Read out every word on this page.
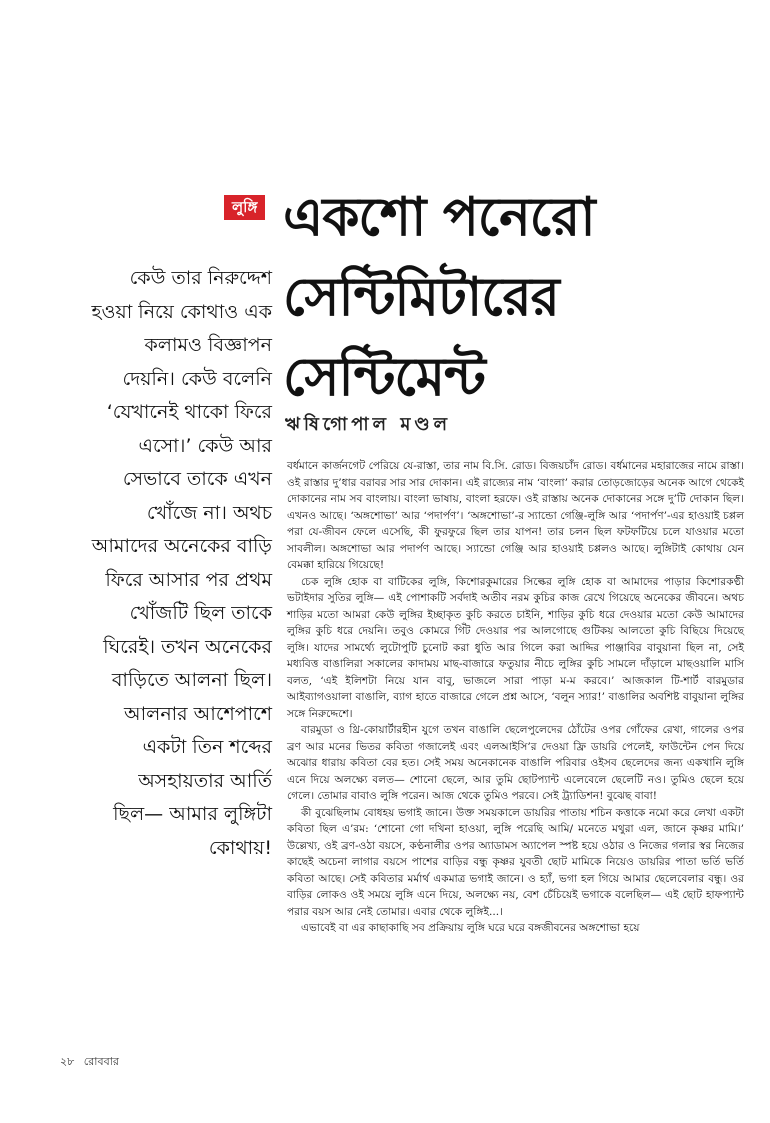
লুঙ্গি একশো পনেরো
সেন্টিমিটারের
সেন্টিমেন্ট
ঋষিগোপাল মণ্ডল
কেউ তার নিরুদ্দেশ
হওয়া নিয়ে কোথাও এক
কলামও বিজ্ঞাপন
দেয়নি। কেউ বলেনি
‘যেখানেই থাকো ফিরে
এসো।’ কেউ আর
সেভাবে তাকে এখন
খোঁজে না। অথচ
আমাদের অনেকের বাড়ি
ফিরে আসার পর প্রথম
খোঁজটি ছিল তাকে
ঘিরেই। তখন অনেকের
বাড়িতে আলনা ছিল।
আলনার আশেপাশে
একটা তিন শব্দের
অসহায়তার আর্তি
ছিল— আমার লুঙ্গিটা
কোথায়!

বর্ধমানে কার্জনগেট পেরিয়ে যে-রাস্তা, তার নাম বি.সি. রোড। বিজয়চাঁদ রোড। বর্ধমানের মহারাজের নামে রাস্তা। ওই রাস্তার দু’ধার বরাবর সার সার দোকান। এই রাজ্যের নাম ‘বাংলা’ করার তোড়জোড়ের অনেক আগে থেকেই দোকানের নাম সব বাংলায়। বাংলা ভাষায়, বাংলা হরফে। ওই রাস্তায় অনেক দোকানের সঙ্গে দু’টি দোকান ছিল। এখনও আছে। ‘অঙ্গশোভা’ আর ‘পদার্পণ’। ‘অঙ্গশোভা’-র স্যান্ডো গেঞ্জি-লুঙ্গি আর ‘পদার্পণ’-এর হাওয়াই চপ্পল পরা যে-জীবন ফেলে এসেছি, কী ফুরফুরে ছিল তার যাপন! তার চলন ছিল ফটফটিয়ে চলে যাওয়ার মতো সাবলীল। অঙ্গশোভা আর পদার্পণ আছে। স্যান্ডো গেঞ্জি আর হাওয়াই চপ্পলও আছে। লুঙ্গিটাই কোথায় যেন বেমক্কা হারিয়ে গিয়েছে!

চেক লুঙ্গি হোক বা বাটিকের লুঙ্গি, কিশোরকুমারের সিল্কের লুঙ্গি হোক বা আমাদের পাড়ার কিশোরকণ্ঠী ভটাইদার সুতির লুঙ্গি— এই পোশাকটি সর্বদাই অতীব নরম কুচির কাজ রেখে গিয়েছে অনেকের জীবনে। অথচ শাড়ির মতো আমরা কেউ লুঙ্গির ইচ্ছাকৃত কুচি করতে চাইনি, শাড়ির কুচি ধরে দেওয়ার মতো কেউ আমাদের লুঙ্গির কুচি ধরে দেয়নি। তবুও কোমরে গিঁট দেওয়ার পর আলগোছে গুটিকয় আলতো কুচি বিছিয়ে দিয়েছে লুঙ্গি। যাদের সামর্থ্যে লুটোপুটি চুনোট করা ধুতি আর গিলে করা আদ্দির পাঞ্জাবির বাবুয়ানা ছিল না, সেই মধ্যবিত্ত বাঙালিরা সকালের কাদাময় মাছ-বাজারে ফতুয়ার নীচে লুঙ্গির কুচি সামলে দাঁড়ালে মাছওয়ালি মাসি বলত, ‘এই ইলিশটা নিয়ে যান বাবু, ভাজলে সারা পাড়া ম-ম করবে।’ আজকাল টি-শার্ট বারমুডার আইব্যাগওয়ালা বাঙালি, ব্যাগ হাতে বাজারে গেলে প্রশ্ন আসে, ‘বলুন স্যার!’ বাঙালির অবশিষ্ট বাবুয়ানা লুঙ্গির সঙ্গে নিরুদ্দেশে।

বারমুডা ও থ্রি-কোয়ার্টারহীন যুগে তখন বাঙালি ছেলেপুলেদের ঠোঁটের ওপর গোঁফের রেখা, গালের ওপর ব্রণ আর মনের ভিতর কবিতা গজালেই এবং এলআইসি’র দেওয়া ফ্রি ডায়রি পেলেই, ফাউন্টেন পেন দিয়ে অঝোর ধারায় কবিতা বের হত। সেই সময় অনেকানেক বাঙালি পরিবার ওইসব ছেলেদের জন্য একখানি লুঙ্গি এনে দিয়ে অলক্ষ্যে বলত— শোনো ছেলে, আর তুমি ছোটপ্যান্ট এলেবেলে ছেলেটি নও। তুমিও ছেলে হয়ে গেলে। তোমার বাবাও লুঙ্গি পরেন। আজ থেকে তুমিও পরবে। সেই ট্র্যাডিশন! বুঝেছ বাবা!

কী বুঝেছিলাম বোধহয় ভগাই জানে। উক্ত সময়কালে ডায়রির পাতায় শচিন কত্তাকে নমো করে লেখা একটা কবিতা ছিল এ’রম: ‘শোনো গো দখিনা হাওয়া, লুঙ্গি পরেছি আমি/ মনেতে মথুরা এল, জানে কৃষ্ণর মামি।’ উল্লেখ্য, ওই ব্রণ-ওঠা বয়সে, কণ্ঠনালীর ওপর অ্যাডামস অ্যাপেল স্পষ্ট হয়ে ওঠার ও নিজের গলার স্বর নিজের কাছেই অচেনা লাগার বয়সে পাশের বাড়ির বন্ধু কৃষ্ণর যুবতী ছোট মামিকে নিয়েও ডায়রির পাতা ভর্তি ভর্তি কবিতা আছে। সেই কবিতার মর্মার্থ একমাত্র ভগাই জানে। ও হ্যাঁ, ভগা হল গিয়ে আমার ছেলেবেলার বন্ধু। ওর বাড়ির লোকও ওই সময়ে লুঙ্গি এনে দিয়ে, অলক্ষ্যে নয়, বেশ চেঁচিয়েই ভগাকে বলেছিল— এই ছোট হাফপ্যান্ট পরার বয়স আর নেই তোমার। এবার থেকে লুঙ্গিই...।

এভাবেই বা এর কাছাকাছি সব প্রক্রিয়ায় লুঙ্গি ঘরে ঘরে বঙ্গজীবনের অঙ্গশোভা হয়ে

২৮ রোববার
